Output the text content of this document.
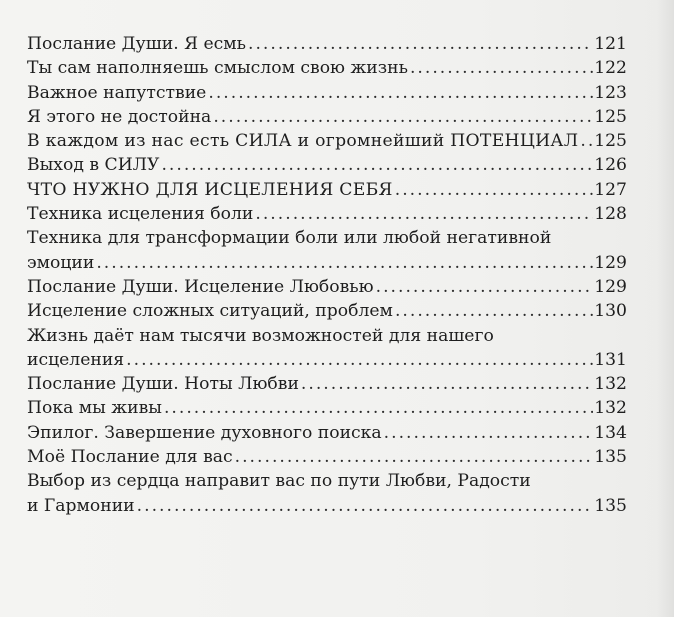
Послание Души. Я есмь .....	121
Ты сам наполняешь смыслом свою жизнь .....	122
Важное напутствие .....	123
Я этого не достойна .....	125
В каждом из нас есть СИЛА и огромнейший ПОТЕНЦИАЛ ..... 125
Выход в СИЛУ .....	126
ЧТО НУЖНО ДЛЯ ИСЦЕЛЕНИЯ СЕБЯ .....	127
Техника исцеления боли .....	128
Техника для трансформации боли или любой негативной
эмоции .....	129
Послание Души. Исцеление Любовью .....	129
Исцеление сложных ситуаций, проблем .....	130
Жизнь даёт нам тысячи возможностей для нашего
исцеления .....	131
Послание Души. Ноты Любви .....	132
Пока мы живы .....	132
Эпилог. Завершение духовного поиска .....	134
Моё Послание для вас .....	135
Выбор из сердца направит вас по пути Любви, Радости
и Гармонии .....	135
